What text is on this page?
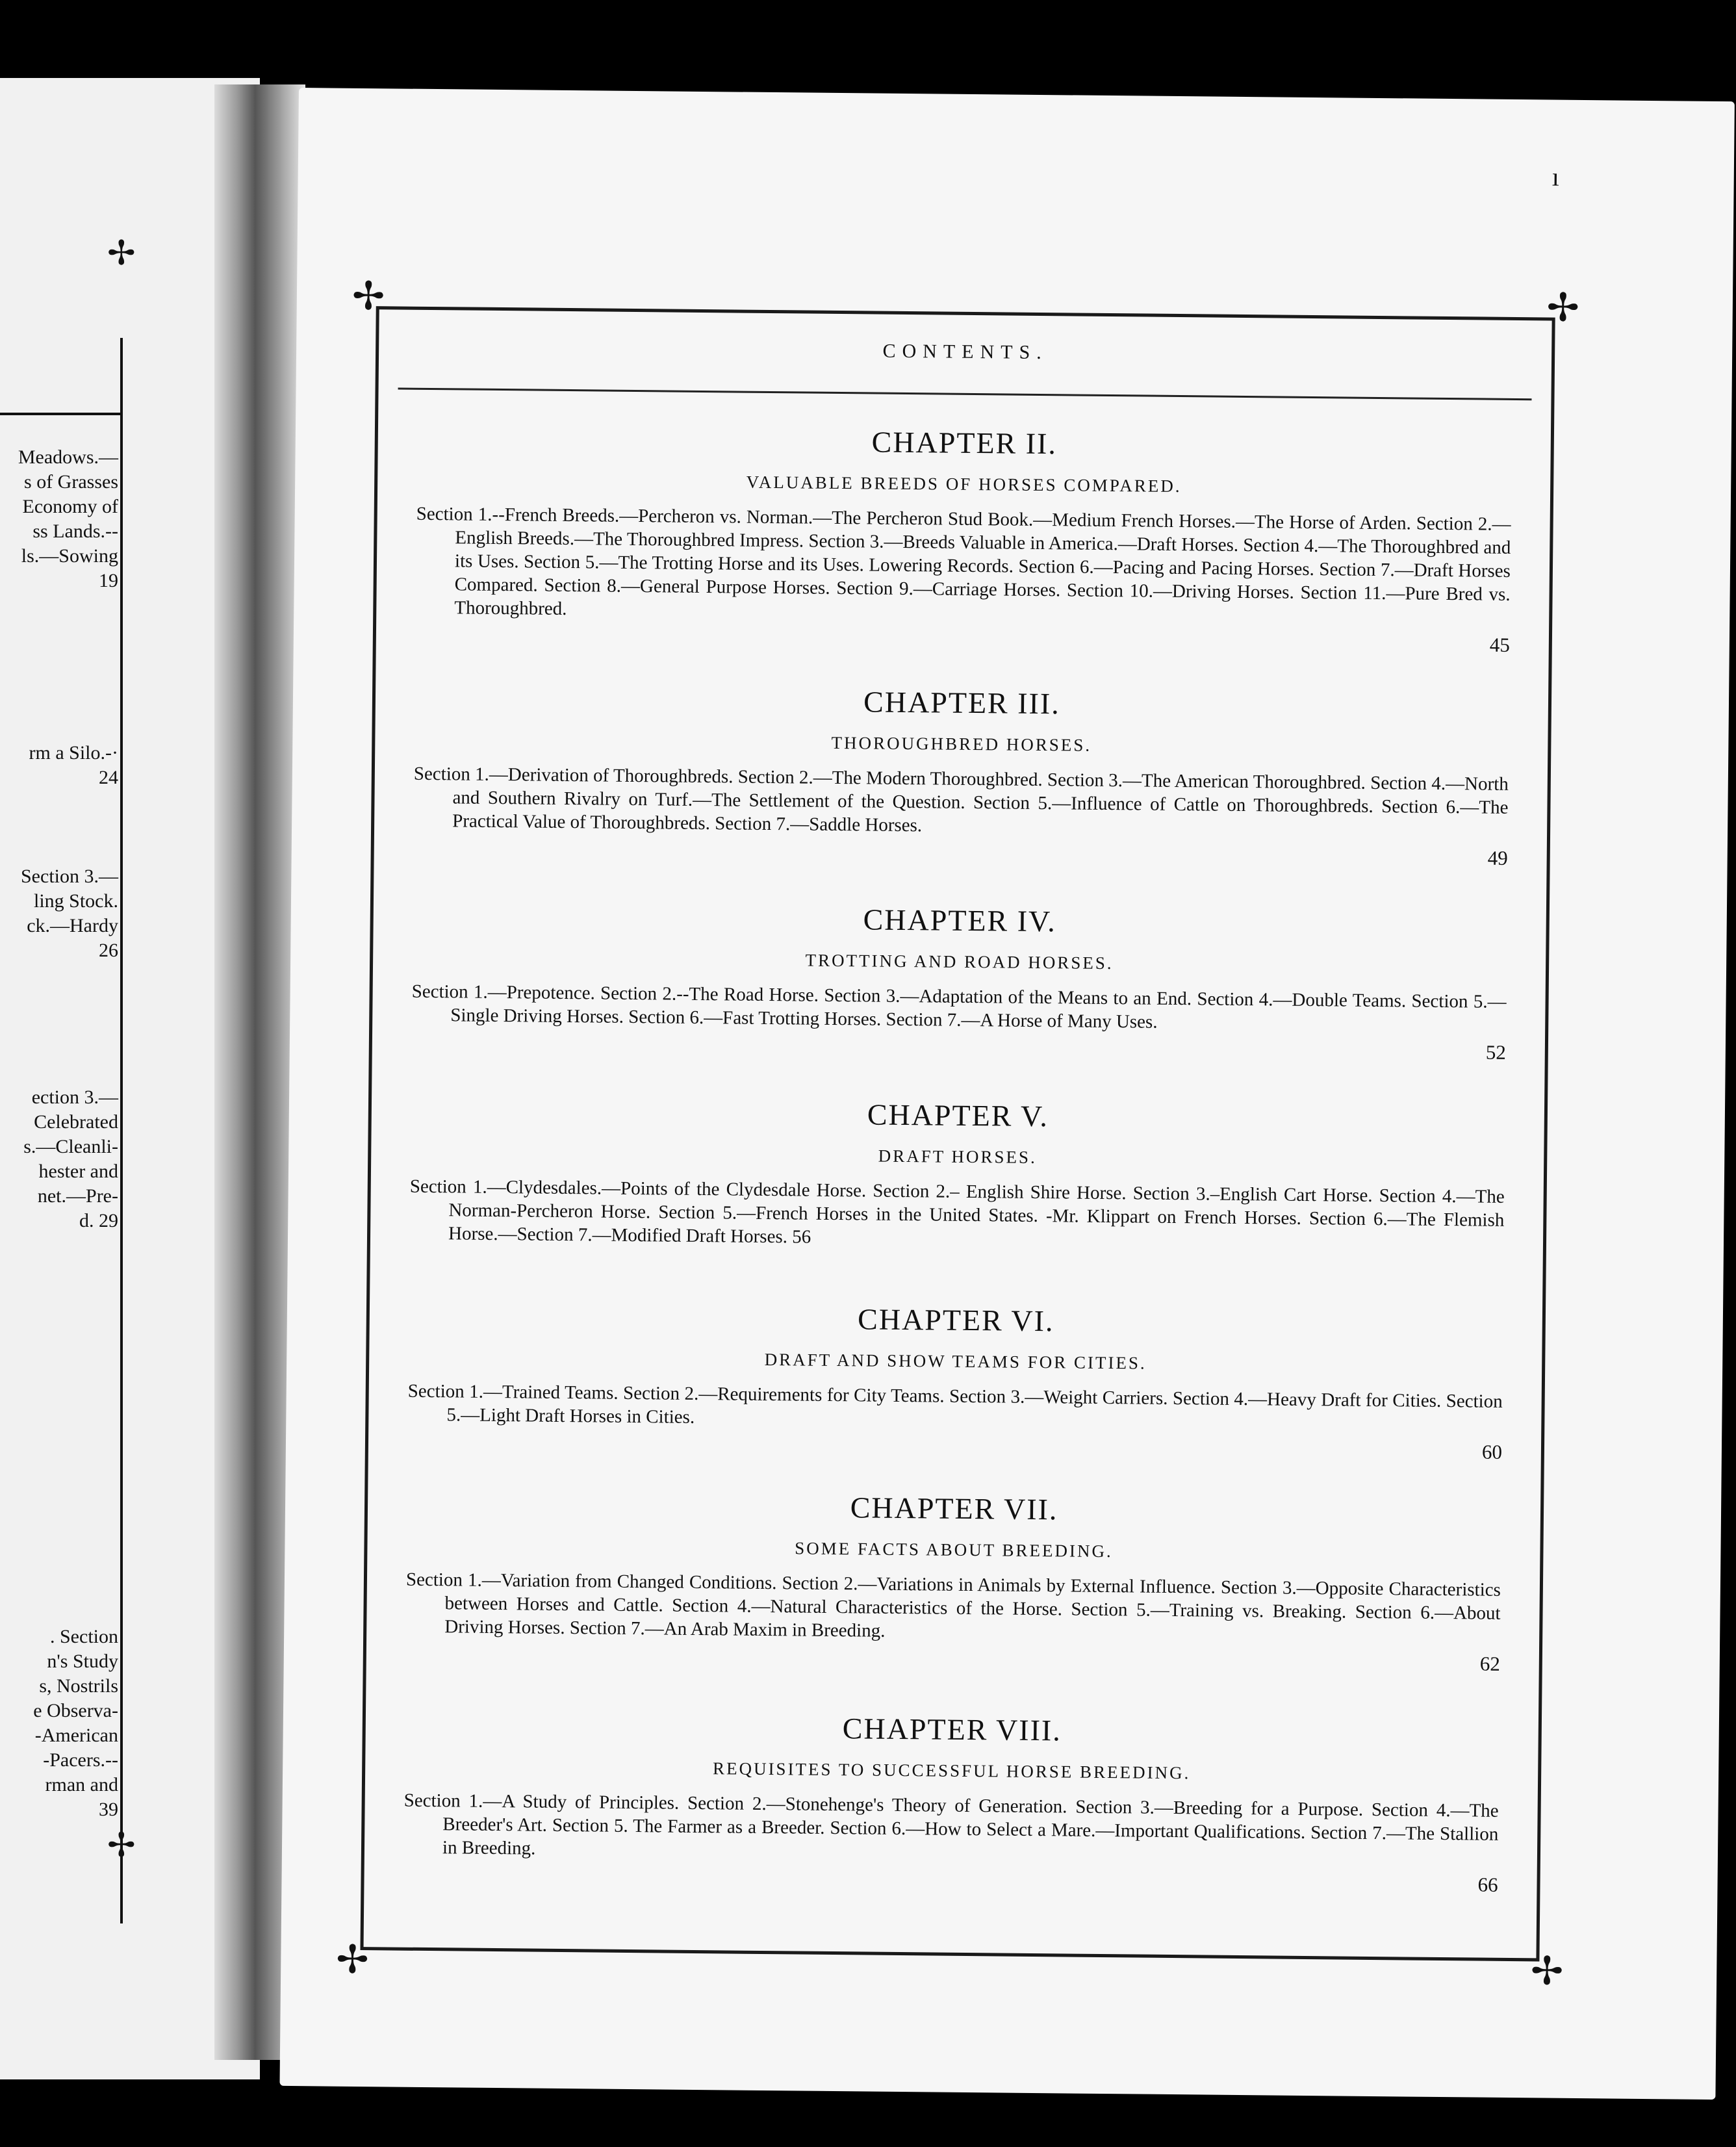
✢
✢
Meadows.—
s of Grasses
Economy of
ss Lands.--
ls.—Sowing
19
rm a Silo.-·
24
Section 3.—
ling Stock.
ck.—Hardy
26
ection 3.—
Celebrated
s.—Cleanli-
hester and
net.—Pre-
d. 29
. Section
n's Study
s, Nostrils
e Observa-
-American
-Pacers.--
rman and
39
ı
✢	✢
✢	✢
CONTENTS.
CHAPTER II.
VALUABLE BREEDS OF HORSES COMPARED.

Section 1.--French Breeds.—Percheron vs. Norman.—The Percheron Stud Book.—Medium French Horses.—The Horse of Arden. Section 2.—English Breeds.—The Thoroughbred Impress. Section 3.—Breeds Valuable in America.—Draft Horses. Section 4.—The Thoroughbred and its Uses. Section 5.—The Trotting Horse and its Uses. Lowering Records. Section 6.—Pacing and Pacing Horses. Section 7.—Draft Horses Compared. Section 8.—General Purpose Horses. Section 9.—Carriage Horses. Section 10.—Driving Horses. Section 11.—Pure Bred vs. Thoroughbred.

45
CHAPTER III.
THOROUGHBRED HORSES.

Section 1.—Derivation of Thoroughbreds. Section 2.—The Modern Thoroughbred. Section 3.—The American Thoroughbred. Section 4.—North and Southern Rivalry on Turf.—The Settlement of the Question. Section 5.—Influence of Cattle on Thoroughbreds. Section 6.—The Practical Value of Thoroughbreds. Section 7.—Saddle Horses.

49
CHAPTER IV.
TROTTING AND ROAD HORSES.

Section 1.—Prepotence. Section 2.--The Road Horse. Section 3.—Adaptation of the Means to an End. Section 4.—Double Teams. Section 5.—Single Driving Horses. Section 6.—Fast Trotting Horses. Section 7.—A Horse of Many Uses.

52
CHAPTER V.
DRAFT HORSES.

Section 1.—Clydesdales.—Points of the Clydesdale Horse. Section 2.– English Shire Horse. Section 3.–English Cart Horse. Section 4.—The Norman-Percheron Horse. Section 5.—French Horses in the United States. -Mr. Klippart on French Horses. Section 6.—The Flemish Horse.—Section 7.—Modified Draft Horses. 56

CHAPTER VI.
DRAFT AND SHOW TEAMS FOR CITIES.

Section 1.—Trained Teams. Section 2.—Requirements for City Teams. Section 3.—Weight Carriers. Section 4.—Heavy Draft for Cities. Section 5.—Light Draft Horses in Cities.

60
CHAPTER VII.
SOME FACTS ABOUT BREEDING.

Section 1.—Variation from Changed Conditions. Section 2.—Variations in Animals by External Influence. Section 3.—Opposite Characteristics between Horses and Cattle. Section 4.—Natural Characteristics of the Horse. Section 5.—Training vs. Breaking. Section 6.—About Driving Horses. Section 7.—An Arab Maxim in Breeding.

62
CHAPTER VIII.
REQUISITES TO SUCCESSFUL HORSE BREEDING.

Section 1.—A Study of Principles. Section 2.—Stonehenge's Theory of Generation. Section 3.—Breeding for a Purpose. Section 4.—The Breeder's Art. Section 5. The Farmer as a Breeder. Section 6.—How to Select a Mare.—Important Qualifications. Section 7.—The Stallion in Breeding.

66
